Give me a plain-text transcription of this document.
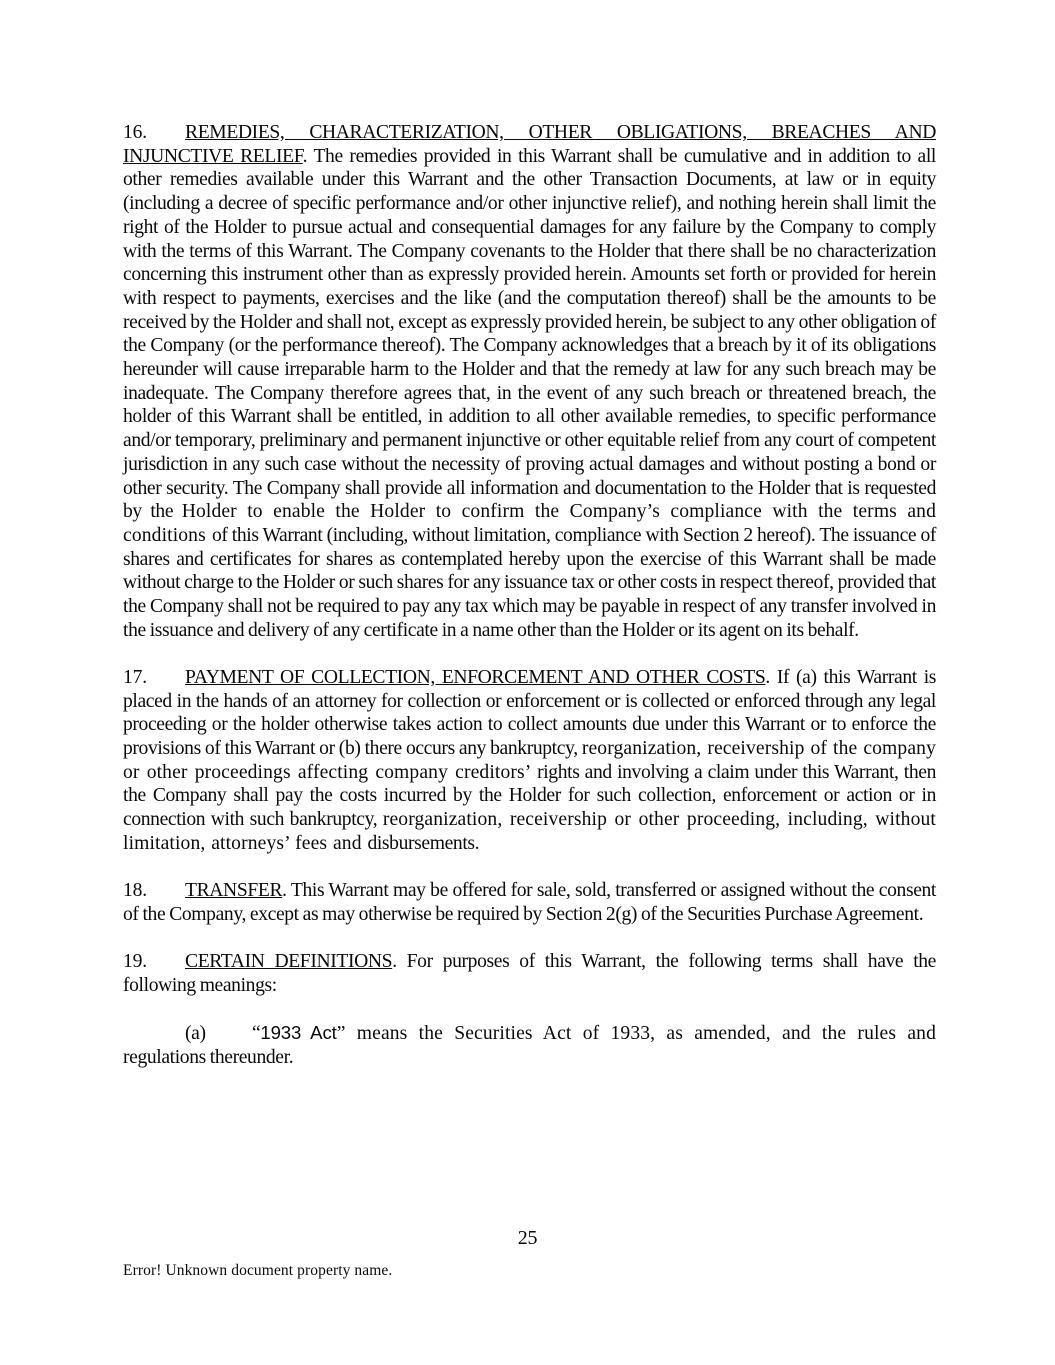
16. REMEDIES, CHARACTERIZATION, OTHER OBLIGATIONS, BREACHES AND INJUNCTIVE RELIEF. The remedies provided in this Warrant shall be cumulative and in addition to all other remedies available under this Warrant and the other Transaction Documents, at law or in equity (including a decree of specific performance and/or other injunctive relief), and nothing herein shall limit the right of the Holder to pursue actual and consequential damages for any failure by the Company to comply with the terms of this Warrant. The Company covenants to the Holder that there shall be no characterization concerning this instrument other than as expressly provided herein. Amounts set forth or provided for herein with respect to payments, exercises and the like (and the computation thereof) shall be the amounts to be received by the Holder and shall not, except as expressly provided herein, be subject to any other obligation of the Company (or the performance thereof). The Company acknowledges that a breach by it of its obligations hereunder will cause irreparable harm to the Holder and that the remedy at law for any such breach may be inadequate. The Company therefore agrees that, in the event of any such breach or threatened breach, the holder of this Warrant shall be entitled, in addition to all other available remedies, to specific performance and/or temporary, preliminary and permanent injunctive or other equitable relief from any court of competent jurisdiction in any such case without the necessity of proving actual damages and without posting a bond or other security. The Company shall provide all information and documentation to the Holder that is requested by the Holder to enable the Holder to confirm the Company’s compliance with the terms and conditions of this Warrant (including, without limitation, compliance with Section 2 hereof). The issuance of shares and certificates for shares as contemplated hereby upon the exercise of this Warrant shall be made without charge to the Holder or such shares for any issuance tax or other costs in respect thereof, provided that the Company shall not be required to pay any tax which may be payable in respect of any transfer involved in the issuance and delivery of any certificate in a name other than the Holder or its agent on its behalf.

17. PAYMENT OF COLLECTION, ENFORCEMENT AND OTHER COSTS. If (a) this Warrant is placed in the hands of an attorney for collection or enforcement or is collected or enforced through any legal proceeding or the holder otherwise takes action to collect amounts due under this Warrant or to enforce the provisions of this Warrant or (b) there occurs any bankruptcy, reorganization, receivership of the company or other proceedings affecting company creditors’ rights and involving a claim under this Warrant, then the Company shall pay the costs incurred by the Holder for such collection, enforcement or action or in connection with such bankruptcy, reorganization, receivership or other proceeding, including, without limitation, attorneys’ fees and disbursements.

18. TRANSFER. This Warrant may be offered for sale, sold, transferred or assigned without the consent of the Company, except as may otherwise be required by Section 2(g) of the Securities Purchase Agreement.

19. CERTAIN DEFINITIONS. For purposes of this Warrant, the following terms shall have the following meanings:

(a) “1933 Act” means the Securities Act of 1933, as amended, and the rules and regulations thereunder.

25
Error! Unknown document property name.
